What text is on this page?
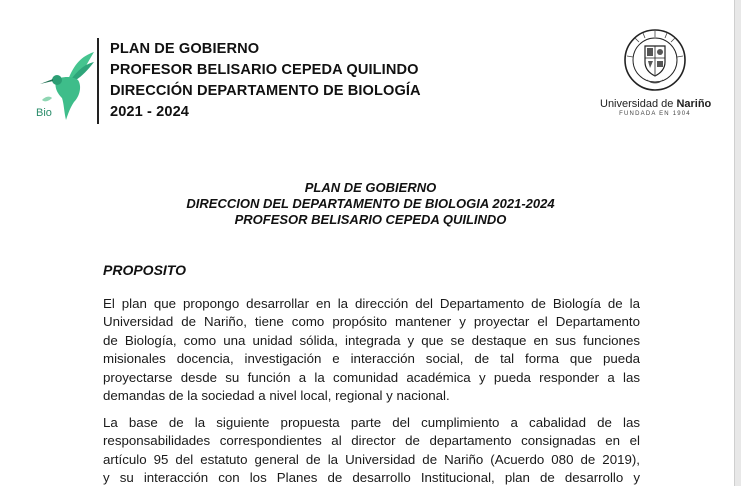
Bio
PLAN DE GOBIERNO
PROFESOR BELISARIO CEPEDA QUILINDO
DIRECCIÓN DEPARTAMENTO DE BIOLOGÍA
2021 - 2024	Universidad de Nariño
FUNDADA EN 1904
PLAN DE GOBIERNO
DIRECCION DEL DEPARTAMENTO DE BIOLOGIA 2021-2024
PROFESOR BELISARIO CEPEDA QUILINDO
PROPOSITO
El plan que propongo desarrollar en la dirección del Departamento de Biología de la
Universidad de Nariño, tiene como propósito mantener y proyectar el Departamento
de Biología, como una unidad sólida, integrada y que se destaque en sus funciones
misionales docencia, investigación e interacción social, de tal forma que pueda
proyectarse desde su función a la comunidad académica y pueda responder a las
demandas de la sociedad a nivel local, regional y nacional.
La base de la siguiente propuesta parte del cumplimiento a cabalidad de las
responsabilidades correspondientes al director de departamento consignadas en el
artículo 95 del estatuto general de la Universidad de Nariño (Acuerdo 080 de 2019),
y su interacción con los Planes de desarrollo Institucional, plan de desarrollo y
